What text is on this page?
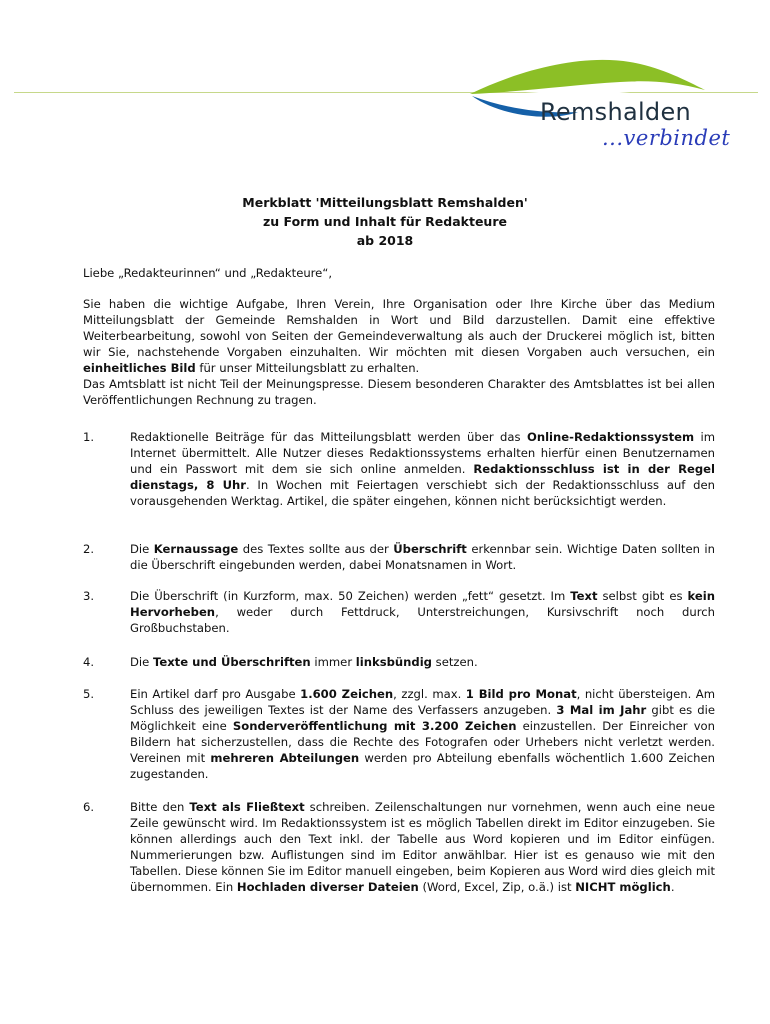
Remshalden
...verbindet
Merkblatt 'Mitteilungsblatt Remshalden'
zu Form und Inhalt für Redakteure
ab 2018
Liebe „Redakteurinnen“ und „Redakteure“,

Sie haben die wichtige Aufgabe, Ihren Verein, Ihre Organisation oder Ihre Kirche über das Medium Mitteilungsblatt der Gemeinde Remshalden in Wort und Bild darzustellen. Damit eine effektive Weiterbearbeitung, sowohl von Seiten der Gemeindeverwaltung als auch der Druckerei möglich ist, bitten wir Sie, nachstehende Vorgaben einzuhalten. Wir möchten mit diesen Vorgaben auch versuchen, ein einheitliches Bild für unser Mitteilungsblatt zu erhalten.

Das Amtsblatt ist nicht Teil der Meinungspresse. Diesem besonderen Charakter des Amtsblattes ist bei allen Veröffentlichungen Rechnung zu tragen.

1.	Redaktionelle Beiträge für das Mitteilungsblatt werden über das Online-Redaktionssystem im Internet übermittelt. Alle Nutzer dieses Redaktionssystems erhalten hierfür einen Benutzernamen und ein Passwort mit dem sie sich online anmelden. Redaktionsschluss ist in der Regel dienstags, 8 Uhr. In Wochen mit Feiertagen verschiebt sich der Redaktionsschluss auf den vorausgehenden Werktag. Artikel, die später eingehen, können nicht berücksichtigt werden.
2.	Die Kernaussage des Textes sollte aus der Überschrift erkennbar sein. Wichtige Daten sollten in die Überschrift eingebunden werden, dabei Monatsnamen in Wort.
3.	Die Überschrift (in Kurzform, max. 50 Zeichen) werden „fett“ gesetzt. Im Text selbst gibt es kein Hervorheben, weder durch Fettdruck, Unterstreichungen, Kursivschrift noch durch Großbuchstaben.
4.	Die Texte und Überschriften immer linksbündig setzen.
5.	Ein Artikel darf pro Ausgabe 1.600 Zeichen, zzgl. max. 1 Bild pro Monat, nicht übersteigen. Am Schluss des jeweiligen Textes ist der Name des Verfassers anzugeben. 3 Mal im Jahr gibt es die Möglichkeit eine Sonderveröffentlichung mit 3.200 Zeichen einzustellen. Der Einreicher von Bildern hat sicherzustellen, dass die Rechte des Fotografen oder Urhebers nicht verletzt werden. Vereinen mit mehreren Abteilungen werden pro Abteilung ebenfalls wöchentlich 1.600 Zeichen zugestanden.
6.	Bitte den Text als Fließtext schreiben. Zeilenschaltungen nur vornehmen, wenn auch eine neue Zeile gewünscht wird. Im Redaktionssystem ist es möglich Tabellen direkt im Editor einzugeben. Sie können allerdings auch den Text inkl. der Tabelle aus Word kopieren und im Editor einfügen. Nummerierungen bzw. Auflistungen sind im Editor anwählbar. Hier ist es genauso wie mit den Tabellen. Diese können Sie im Editor manuell eingeben, beim Kopieren aus Word wird dies gleich mit übernommen. Ein Hochladen diverser Dateien (Word, Excel, Zip, o.ä.) ist NICHT möglich.
